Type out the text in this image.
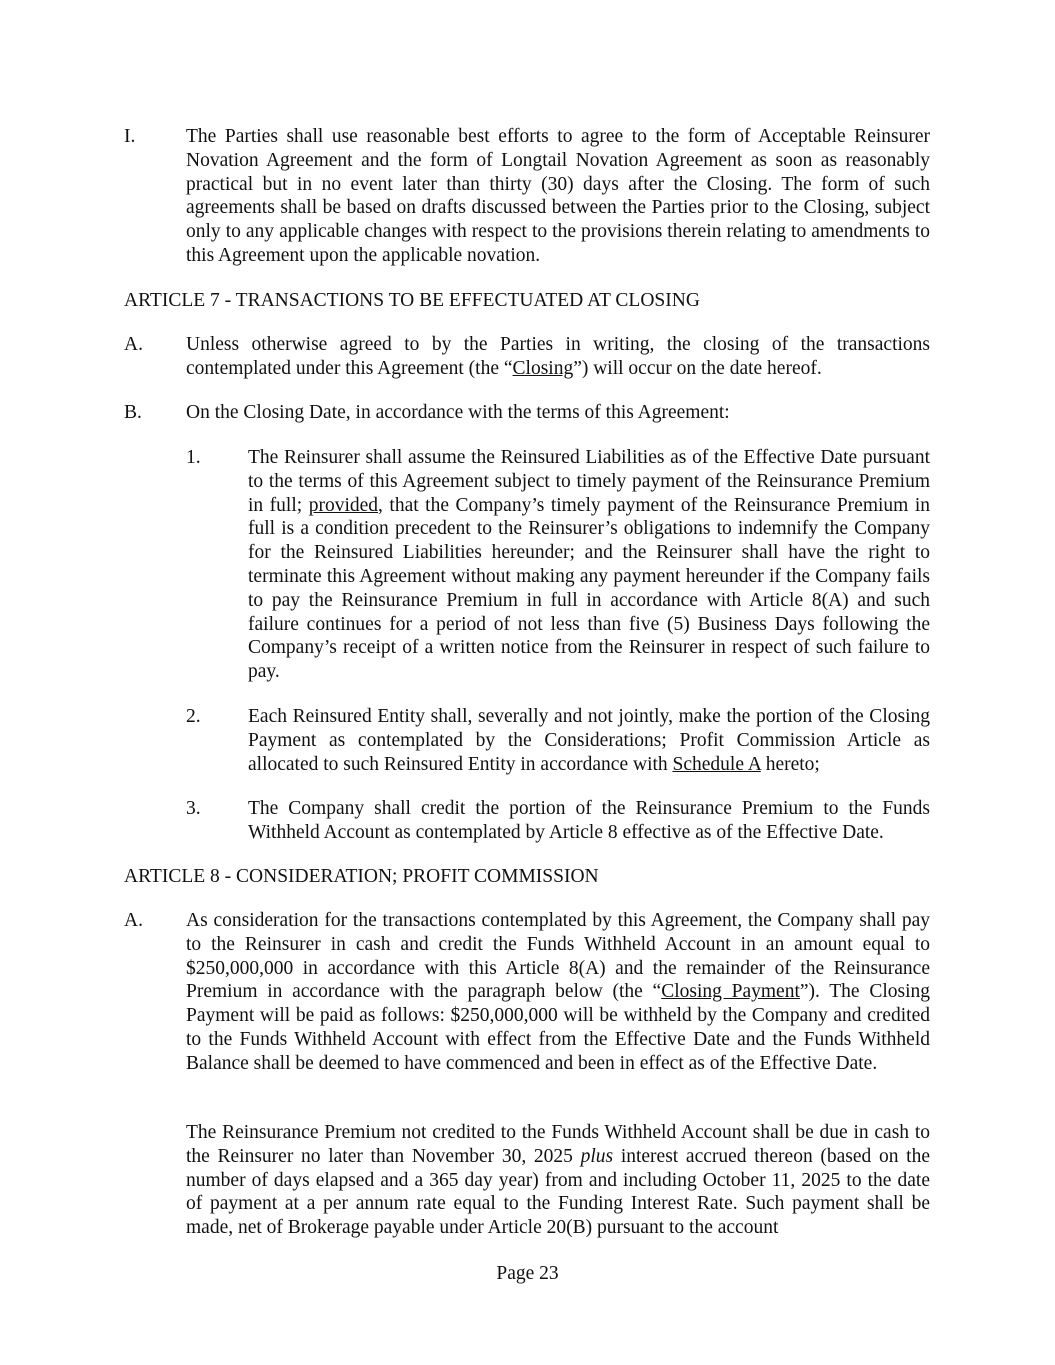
I.	The Parties shall use reasonable best efforts to agree to the form of Acceptable Reinsurer Novation Agreement and the form of Longtail Novation Agreement as soon as reasonably practical but in no event later than thirty (30) days after the Closing. The form of such agreements shall be based on drafts discussed between the Parties prior to the Closing, subject only to any applicable changes with respect to the provisions therein relating to amendments to this Agreement upon the applicable novation.
ARTICLE 7 - TRANSACTIONS TO BE EFFECTUATED AT CLOSING
A. Unless otherwise agreed to by the Parties in writing, the closing of the transactions contemplated under this Agreement (the “Closing”) will occur on the date hereof.
B. On the Closing Date, in accordance with the terms of this Agreement:
1. The Reinsurer shall assume the Reinsured Liabilities as of the Effective Date pursuant to the terms of this Agreement subject to timely payment of the Reinsurance Premium in full; provided, that the Company’s timely payment of the Reinsurance Premium in full is a condition precedent to the Reinsurer’s obligations to indemnify the Company for the Reinsured Liabilities hereunder; and the Reinsurer shall have the right to terminate this Agreement without making any payment hereunder if the Company fails to pay the Reinsurance Premium in full in accordance with Article 8(A) and such failure continues for a period of not less than five (5) Business Days following the Company’s receipt of a written notice from the Reinsurer in respect of such failure to pay.
2. Each Reinsured Entity shall, severally and not jointly, make the portion of the Closing Payment as contemplated by the Considerations; Profit Commission Article as allocated to such Reinsured Entity in accordance with Schedule A hereto;
3. The Company shall credit the portion of the Reinsurance Premium to the Funds Withheld Account as contemplated by Article 8 effective as of the Effective Date.
ARTICLE 8 - CONSIDERATION; PROFIT COMMISSION
A. As consideration for the transactions contemplated by this Agreement, the Company shall pay to the Reinsurer in cash and credit the Funds Withheld Account in an amount equal to $250,000,000 in accordance with this Article 8(A) and the remainder of the Reinsurance Premium in accordance with the paragraph below (the “Closing Payment”). The Closing Payment will be paid as follows: $250,000,000 will be withheld by the Company and credited to the Funds Withheld Account with effect from the Effective Date and the Funds Withheld Balance shall be deemed to have commenced and been in effect as of the Effective Date.
The Reinsurance Premium not credited to the Funds Withheld Account shall be due in cash to the Reinsurer no later than November 30, 2025 plus interest accrued thereon (based on the number of days elapsed and a 365 day year) from and including October 11, 2025 to the date of payment at a per annum rate equal to the Funding Interest Rate. Such payment shall be made, net of Brokerage payable under Article 20(B) pursuant to the account
Page 23
